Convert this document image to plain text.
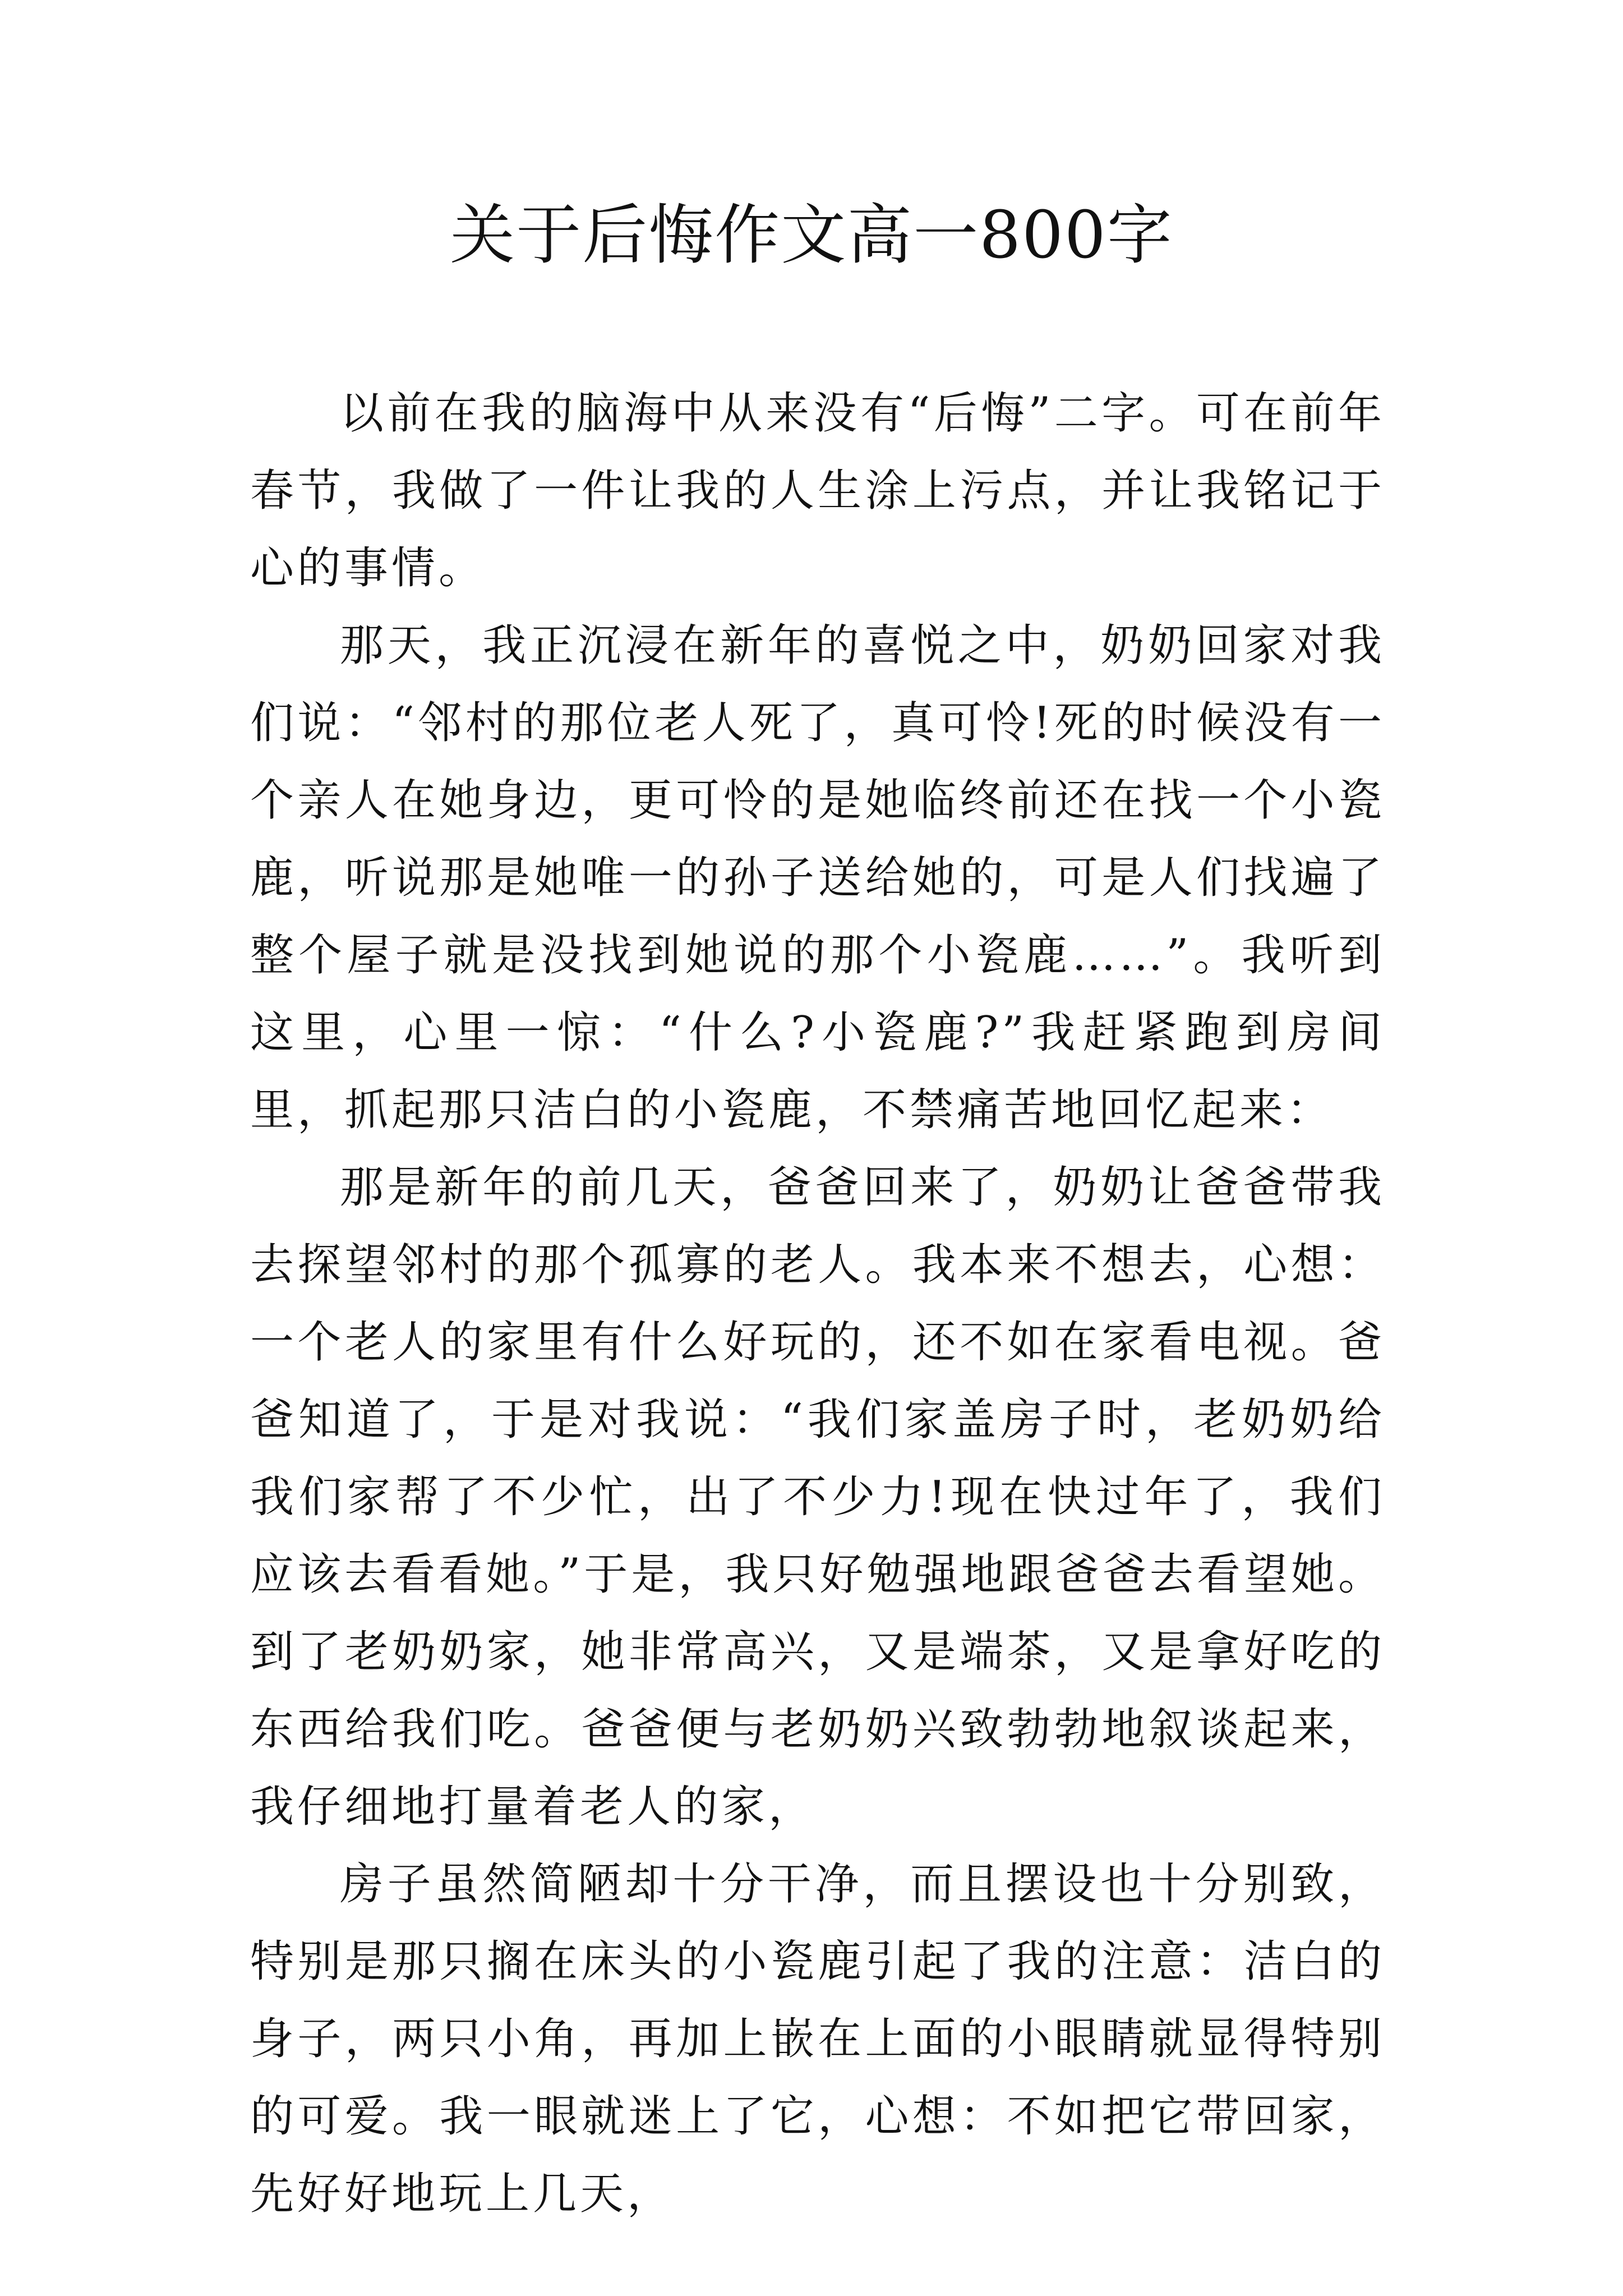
关于后悔作文高一800字

以前在我的脑海中从来没有“后悔”二字。可在前年春节，我做了一件让我的人生涂上污点，并让我铭记于心的事情。

那天，我正沉浸在新年的喜悦之中，奶奶回家对我们说：“邻村的那位老人死了，真可怜!死的时候没有一个亲人在她身边，更可怜的是她临终前还在找一个小瓷鹿，听说那是她唯一的孙子送给她的，可是人们找遍了整个屋子就是没找到她说的那个小瓷鹿……”。我听到这里，心里一惊：“什么?小瓷鹿?”我赶紧跑到房间里，抓起那只洁白的小瓷鹿，不禁痛苦地回忆起来：

那是新年的前几天，爸爸回来了，奶奶让爸爸带我去探望邻村的那个孤寡的老人。我本来不想去，心想：一个老人的家里有什么好玩的，还不如在家看电视。爸爸知道了，于是对我说：“我们家盖房子时，老奶奶给我们家帮了不少忙，出了不少力!现在快过年了，我们应该去看看她。”于是，我只好勉强地跟爸爸去看望她。到了老奶奶家，她非常高兴，又是端茶，又是拿好吃的东西给我们吃。爸爸便与老奶奶兴致勃勃地叙谈起来，我仔细地打量着老人的家，

房子虽然简陋却十分干净，而且摆设也十分别致，特别是那只搁在床头的小瓷鹿引起了我的注意：洁白的身子，两只小角，再加上嵌在上面的小眼睛就显得特别的可爱。我一眼就迷上了它，心想：不如把它带回家，先好好地玩上几天，
